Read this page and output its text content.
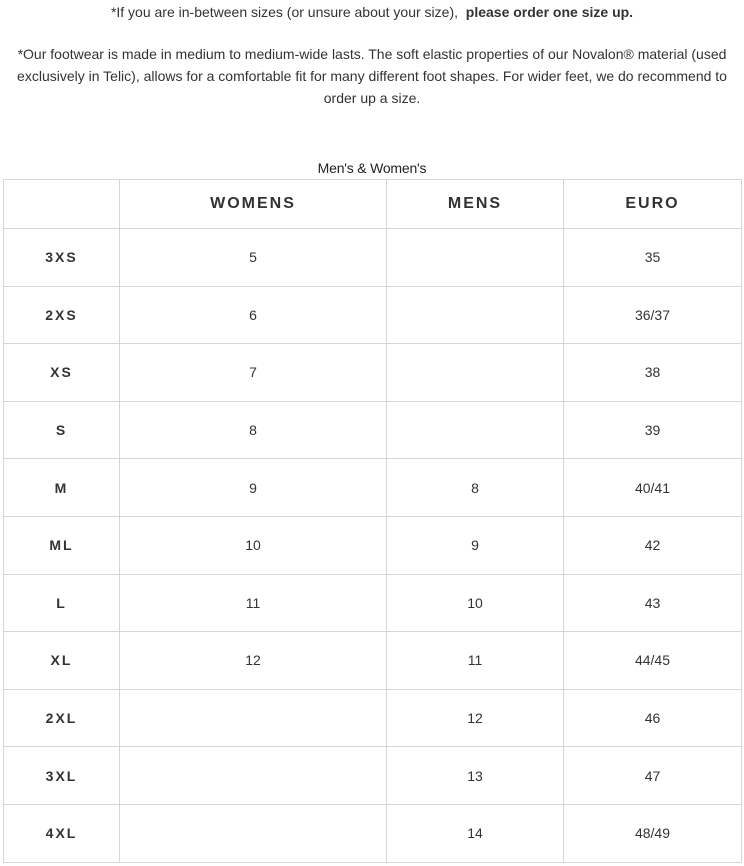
*If you are in-between sizes (or unsure about your size), please order one size up.
*Our footwear is made in medium to medium-wide lasts. The soft elastic properties of our Novalon® material (used exclusively in Telic), allows for a comfortable fit for many different foot shapes. For wider feet, we do recommend to order up a size.
Men's & Women's
	WOMENS	MENS	EURO
3XS	5		35
2XS	6		36/37
XS	7		38
S	8		39
M	9	8	40/41
ML	10	9	42
L	11	10	43
XL	12	11	44/45
2XL		12	46
3XL		13	47
4XL		14	48/49
